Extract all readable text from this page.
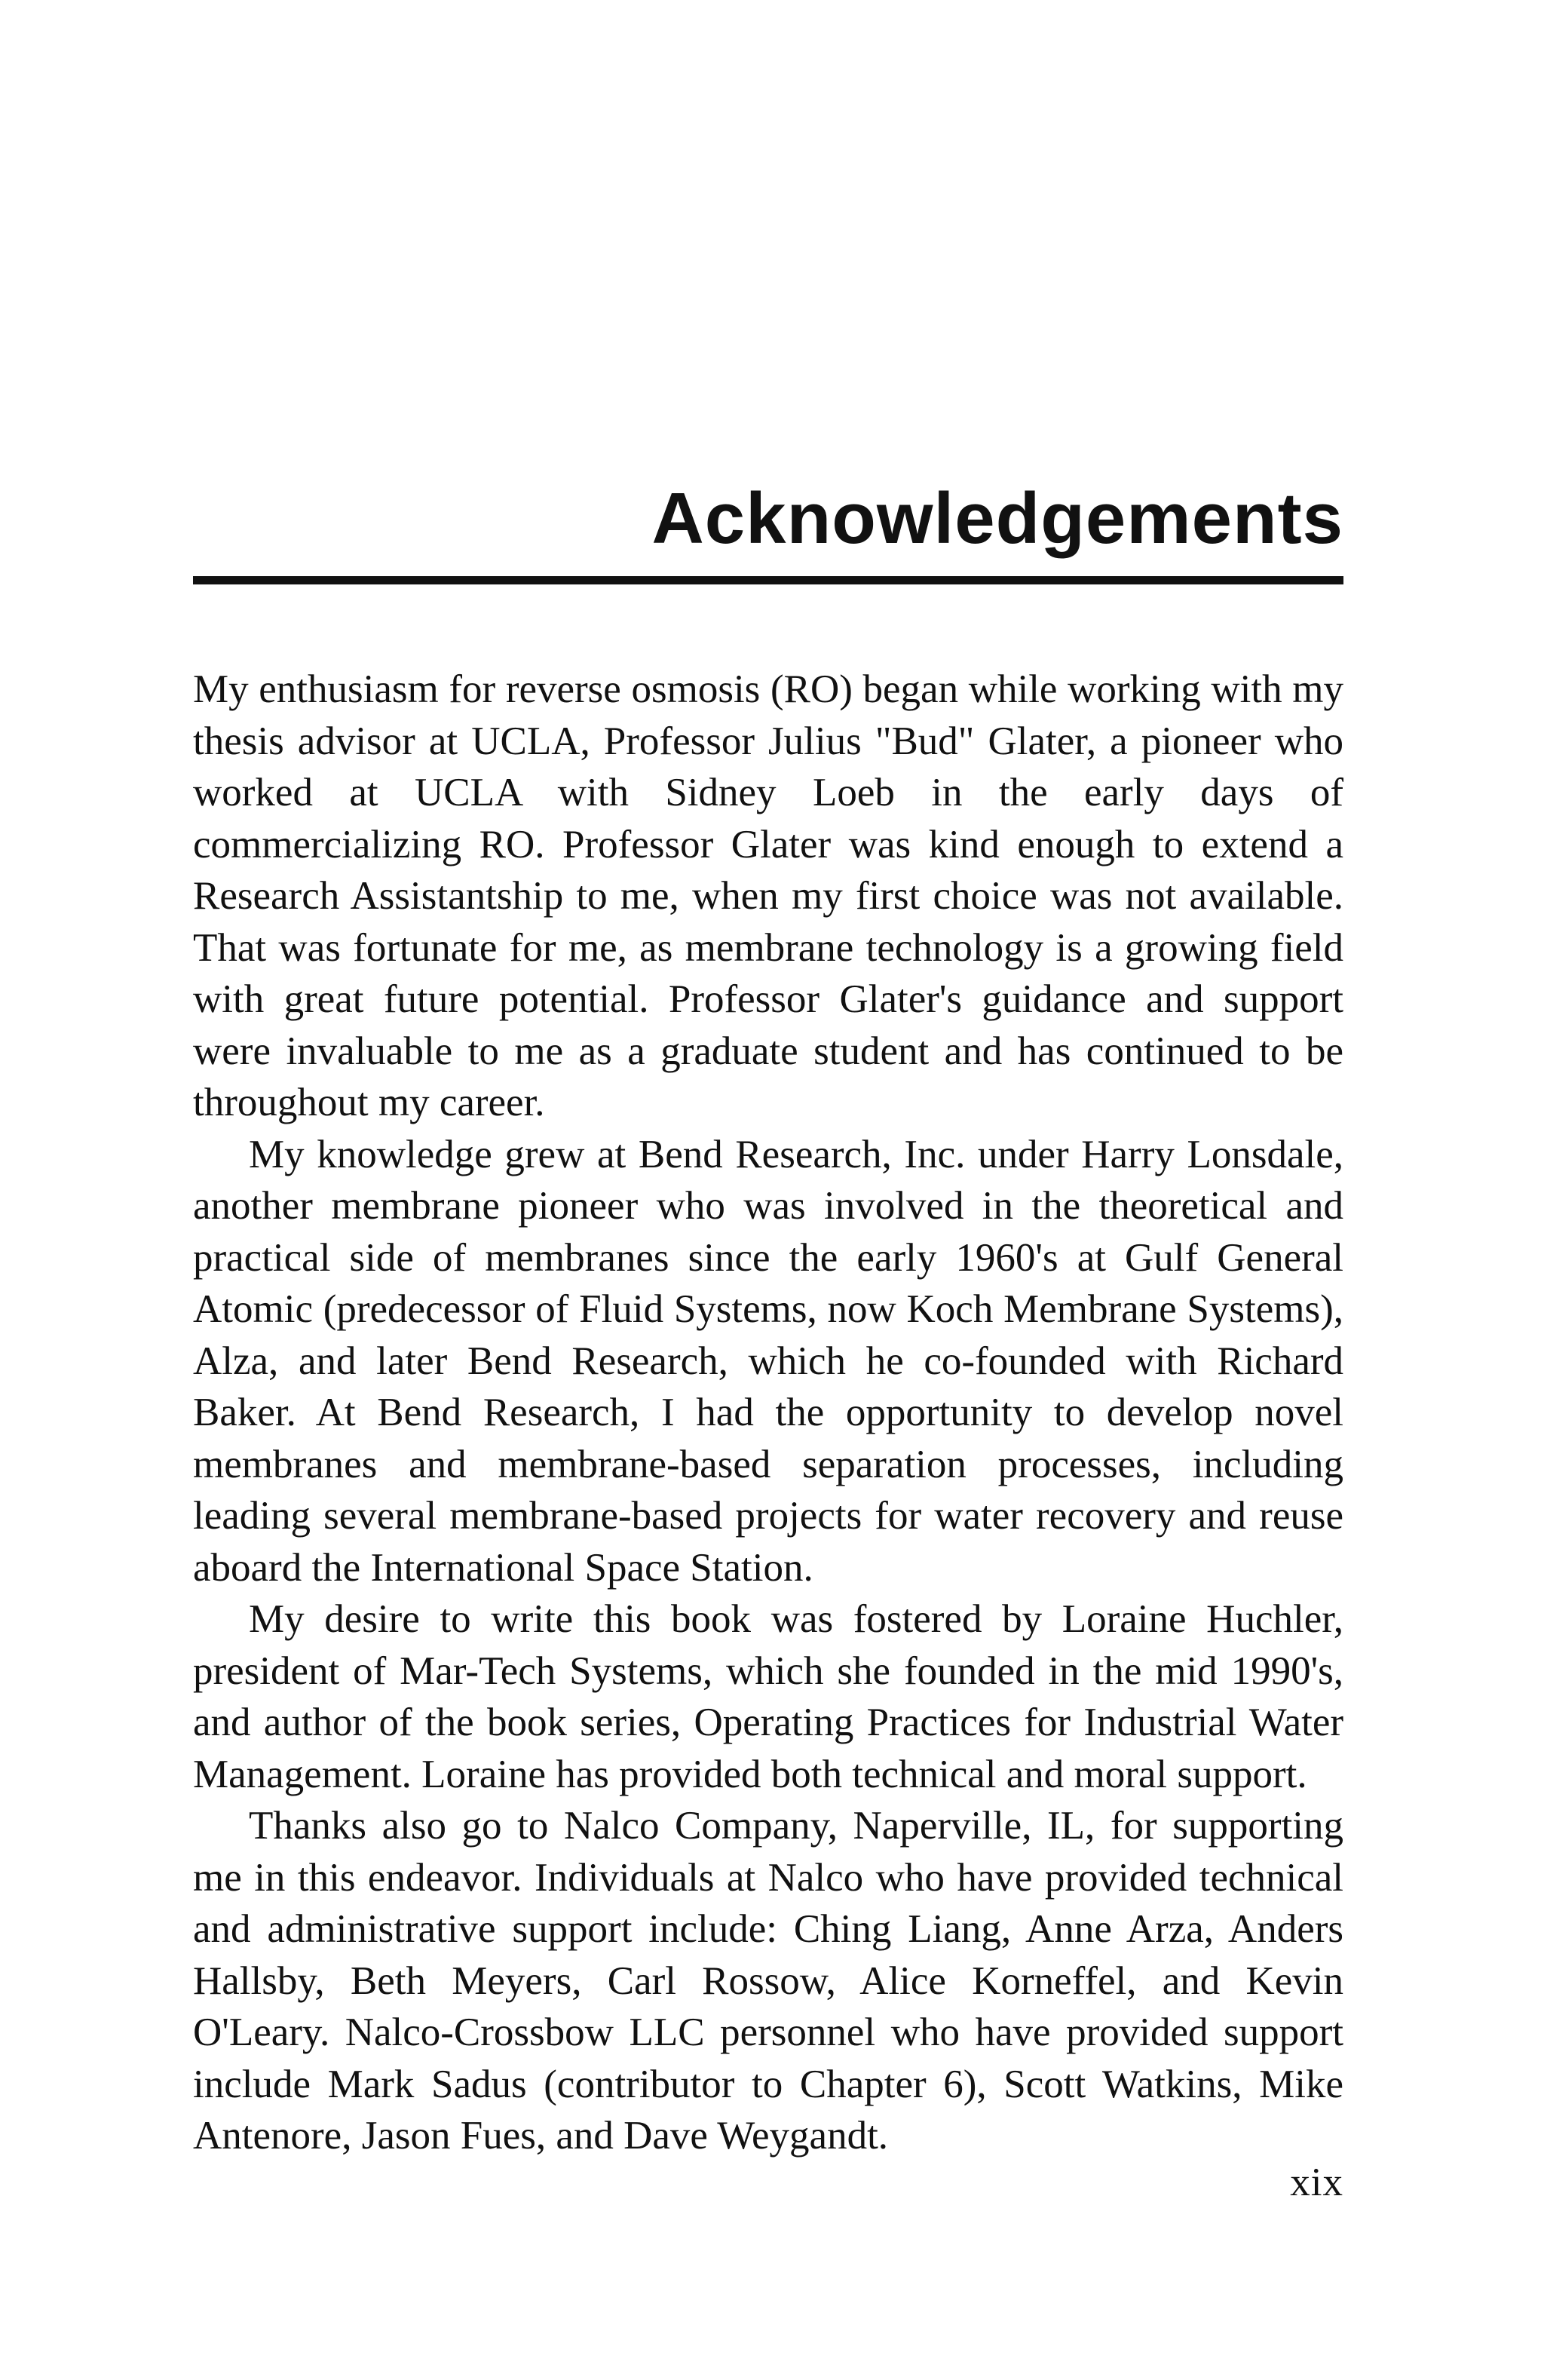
Acknowledgements

My enthusiasm for reverse osmosis (RO) began while working with my thesis advisor at UCLA, Professor Julius "Bud" Glater, a pioneer who worked at UCLA with Sidney Loeb in the early days of commercializing RO. Professor Glater was kind enough to extend a Research Assistantship to me, when my first choice was not available. That was fortunate for me, as membrane technology is a growing field with great future potential. Professor Glater's guidance and support were invaluable to me as a graduate student and has continued to be throughout my career.

My knowledge grew at Bend Research, Inc. under Harry Lonsdale, another membrane pioneer who was involved in the theoretical and practical side of membranes since the early 1960's at Gulf General Atomic (predecessor of Fluid Systems, now Koch Membrane Systems), Alza, and later Bend Research, which he co-founded with Richard Baker. At Bend Research, I had the opportunity to develop novel membranes and membrane-based separation processes, including leading several membrane-based projects for water recovery and reuse aboard the International Space Station.

My desire to write this book was fostered by Loraine Huchler, president of Mar-Tech Systems, which she founded in the mid 1990's, and author of the book series, Operating Practices for Industrial Water Management. Loraine has provided both technical and moral support.

Thanks also go to Nalco Company, Naperville, IL, for supporting me in this endeavor. Individuals at Nalco who have provided technical and administrative support include: Ching Liang, Anne Arza, Anders Hallsby, Beth Meyers, Carl Rossow, Alice Korneffel, and Kevin O'Leary. Nalco-Crossbow LLC personnel who have provided support include Mark Sadus (contributor to Chapter 6), Scott Watkins, Mike Antenore, Jason Fues, and Dave Weygandt.

xix
